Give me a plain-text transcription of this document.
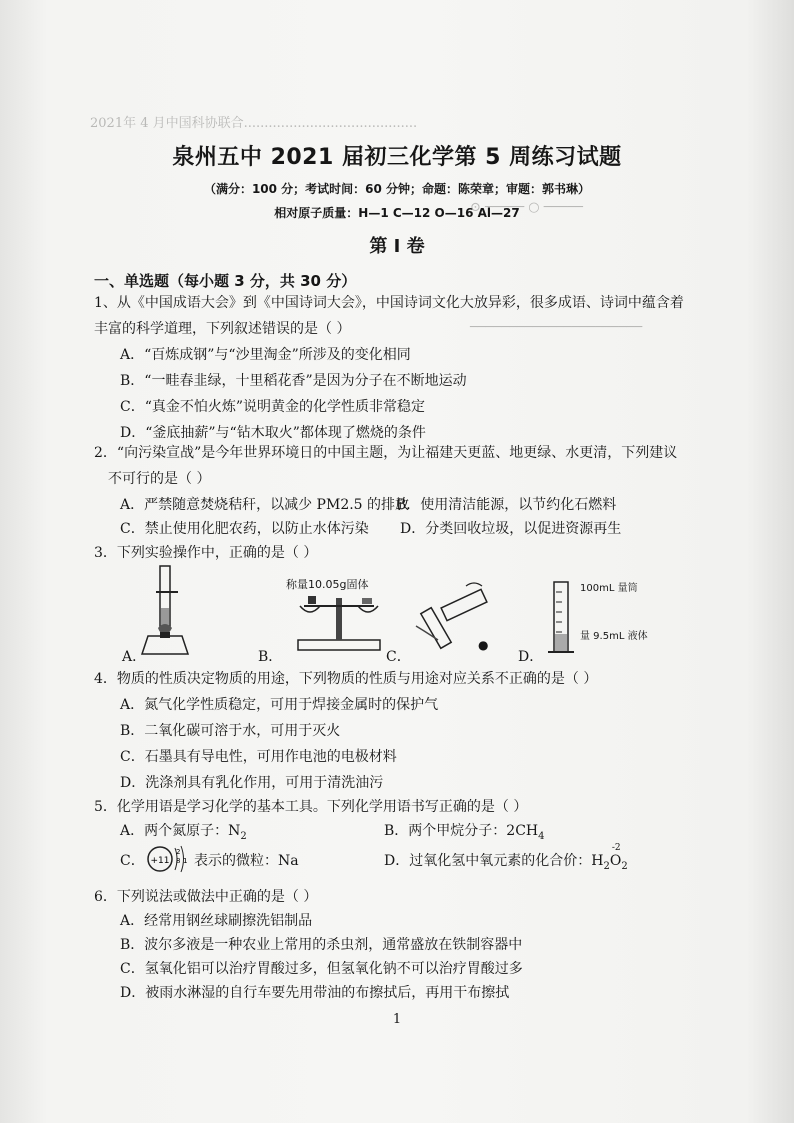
2021年 4 月中国科协联合..........................................
⊙ ───── ○ ─────
──────────────────────
泉州五中 2021 届初三化学第 5 周练习试题
（满分：100 分；考试时间：60 分钟；命题：陈荣章；审题：郭书琳）
相对原子质量：H—1 C—12 O—16 Al—27
第 I 卷
一、单选题（每小题 3 分，共 30 分）
1、从《中国成语大会》到《中国诗词大会》，中国诗词文化大放异彩，很多成语、诗词中蕴含着
丰富的科学道理，下列叙述错误的是（ ）
A．“百炼成钢”与“沙里淘金”所涉及的变化相同
B．“一畦春韭绿，十里稻花香”是因为分子在不断地运动
C．“真金不怕火炼”说明黄金的化学性质非常稳定
D．“釜底抽薪”与“钻木取火”都体现了燃烧的条件
2．“向污染宣战”是今年世界环境日的中国主题，为让福建天更蓝、地更绿、水更清，下列建议
不可行的是（ ）
A．严禁随意焚烧秸秆，以减少 PM2.5 的排放
B．使用清洁能源，以节约化石燃料
C．禁止使用化肥农药，以防止水体污染 D．分类回收垃圾，以促进资源再生
3．下列实验操作中，正确的是（ ）
A．
称量10.05g固体
B．	C．
●
100mL 量筒
量 9.5mL 液体
D．
4．物质的性质决定物质的用途，下列物质的性质与用途对应关系不正确的是（ ）
A．氮气化学性质稳定，可用于焊接金属时的保护气
B．二氧化碳可溶于水，可用于灭火
C．石墨具有导电性，可用作电池的电极材料
D．洗涤剂具有乳化作用，可用于清洗油污
5．化学用语是学习化学的基本工具。下列化学用语书写正确的是（ ）
A．两个氮原子：$N_2$	B．两个甲烷分子：$2CH_4$
C． +11
2
8 1 表示的微粒：Na	D．过氧化氢中氧元素的化合价：$H_2O$
-2
$_2$
6．下列说法或做法中正确的是（ ）
A．经常用钢丝球刷擦洗铝制品
B．波尔多液是一种农业上常用的杀虫剂，通常盛放在铁制容器中
C．氢氧化铝可以治疗胃酸过多，但氢氧化钠不可以治疗胃酸过多
D．被雨水淋湿的自行车要先用带油的布擦拭后，再用干布擦拭
1
